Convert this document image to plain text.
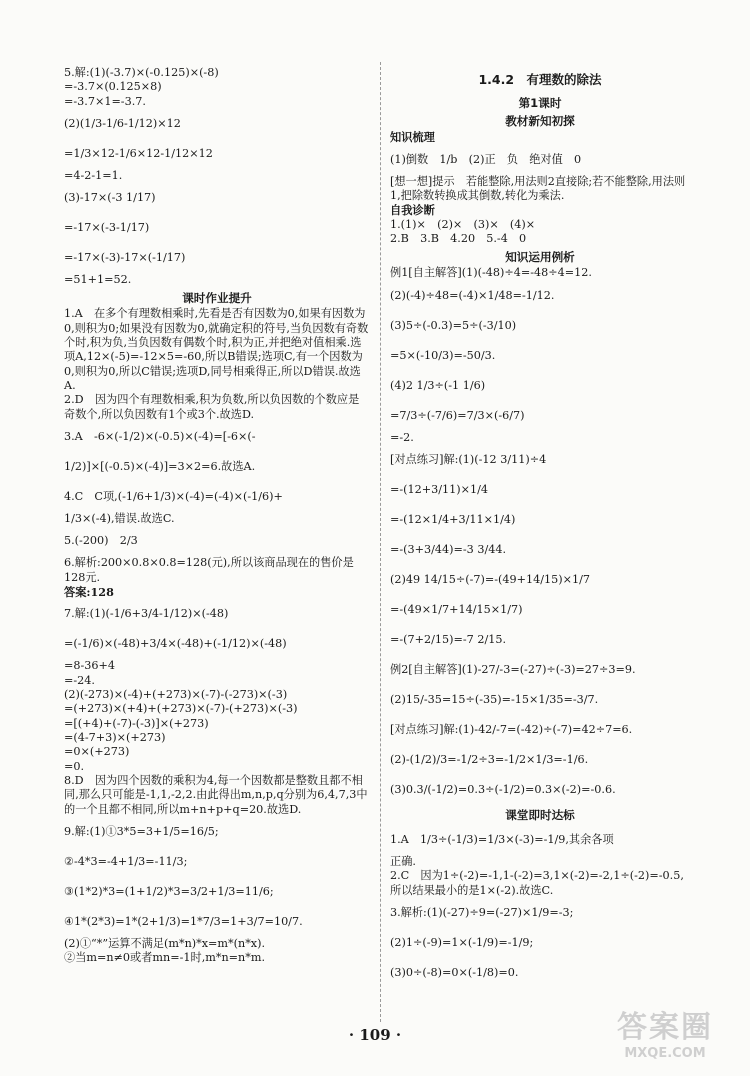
5.解:(1)(-3.7)×(-0.125)×(-8)
=-3.7×(0.125×8)
=-3.7×1=-3.7.
(2)(1/3-1/6-1/12)×12
=1/3×12-1/6×12-1/12×12
=4-2-1=1.
(3)-17×(-3 1/17)
=-17×(-3-1/17)
=-17×(-3)-17×(-1/17)
=51+1=52.
课时作业提升
1.A　在多个有理数相乘时,先看是否有因数为0,如果有因数为0,则积为0;如果没有因数为0,就确定积的符号,当负因数有奇数个时,积为负,当负因数有偶数个时,积为正,并把绝对值相乘.选项A,12×(-5)=-12×5=-60,所以B错误;选项C,有一个因数为0,则积为0,所以C错误;选项D,同号相乘得正,所以D错误.故选A.
2.D　因为四个有理数相乘,积为负数,所以负因数的个数应是奇数个,所以负因数有1个或3个.故选D.
3.A　-6×(-1/2)×(-0.5)×(-4)=[-6×(-
1/2)]×[(-0.5)×(-4)]=3×2=6.故选A.
4.C　C项,(-1/6+1/3)×(-4)=(-4)×(-1/6)+
1/3×(-4),错误.故选C.
5.(-200)　2/3
6.解析:200×0.8×0.8=128(元),所以该商品现在的售价是128元.
答案:128
7.解:(1)(-1/6+3/4-1/12)×(-48)
=(-1/6)×(-48)+3/4×(-48)+(-1/12)×(-48)
=8-36+4
=-24.
(2)(-273)×(-4)+(+273)×(-7)-(-273)×(-3)
=(+273)×(+4)+(+273)×(-7)-(+273)×(-3)
=[(+4)+(-7)-(-3)]×(+273)
=(4-7+3)×(+273)
=0×(+273)
=0.
8.D　因为四个因数的乘积为4,每一个因数都是整数且都不相同,那么只可能是-1,1,-2,2.由此得出m,n,p,q分别为6,4,7,3中的一个且都不相同,所以m+n+p+q=20.故选D.
9.解:(1)①3*5=3+1/5=16/5;
②-4*3=-4+1/3=-11/3;
③(1*2)*3=(1+1/2)*3=3/2+1/3=11/6;
④1*(2*3)=1*(2+1/3)=1*7/3=1+3/7=10/7.
(2)①“*”运算不满足(m*n)*x=m*(n*x).
②当m=n≠0或者mn=-1时,m*n=n*m.
1.4.2　有理数的除法
第1课时
教材新知初探
知识梳理
(1)倒数　1/b　(2)正　负　绝对值　0
[想一想]提示　若能整除,用法则2直接除;若不能整除,用法则1,把除数转换成其倒数,转化为乘法.
自我诊断
1.(1)×　(2)×　(3)×　(4)×
2.B　3.B　4.20　5.-4　0
知识运用例析
例1[自主解答](1)(-48)÷4=-48÷4=12.
(2)(-4)÷48=(-4)×1/48=-1/12.
(3)5÷(-0.3)=5÷(-3/10)
=5×(-10/3)=-50/3.
(4)2 1/3÷(-1 1/6)
=7/3÷(-7/6)=7/3×(-6/7)
=-2.
[对点练习]解:(1)(-12 3/11)÷4
=-(12+3/11)×1/4
=-(12×1/4+3/11×1/4)
=-(3+3/44)=-3 3/44.
(2)49 14/15÷(-7)=-(49+14/15)×1/7
=-(49×1/7+14/15×1/7)
=-(7+2/15)=-7 2/15.
例2[自主解答](1)-27/-3=(-27)÷(-3)=27÷3=9.
(2)15/-35=15÷(-35)=-15×1/35=-3/7.
[对点练习]解:(1)-42/-7=(-42)÷(-7)=42÷7=6.
(2)-(1/2)/3=-1/2÷3=-1/2×1/3=-1/6.
(3)0.3/(-1/2)=0.3÷(-1/2)=0.3×(-2)=-0.6.
课堂即时达标
1.A　1/3÷(-1/3)=1/3×(-3)=-1/9,其余各项
正确.
2.C　因为1÷(-2)=-1,1-(-2)=3,1×(-2)=-2,1÷(-2)=-0.5,所以结果最小的是1×(-2).故选C.
3.解析:(1)(-27)÷9=(-27)×1/9=-3;
(2)1÷(-9)=1×(-1/9)=-1/9;
(3)0÷(-8)=0×(-1/8)=0.
· 109 ·	答案圈
MXQE.COM
